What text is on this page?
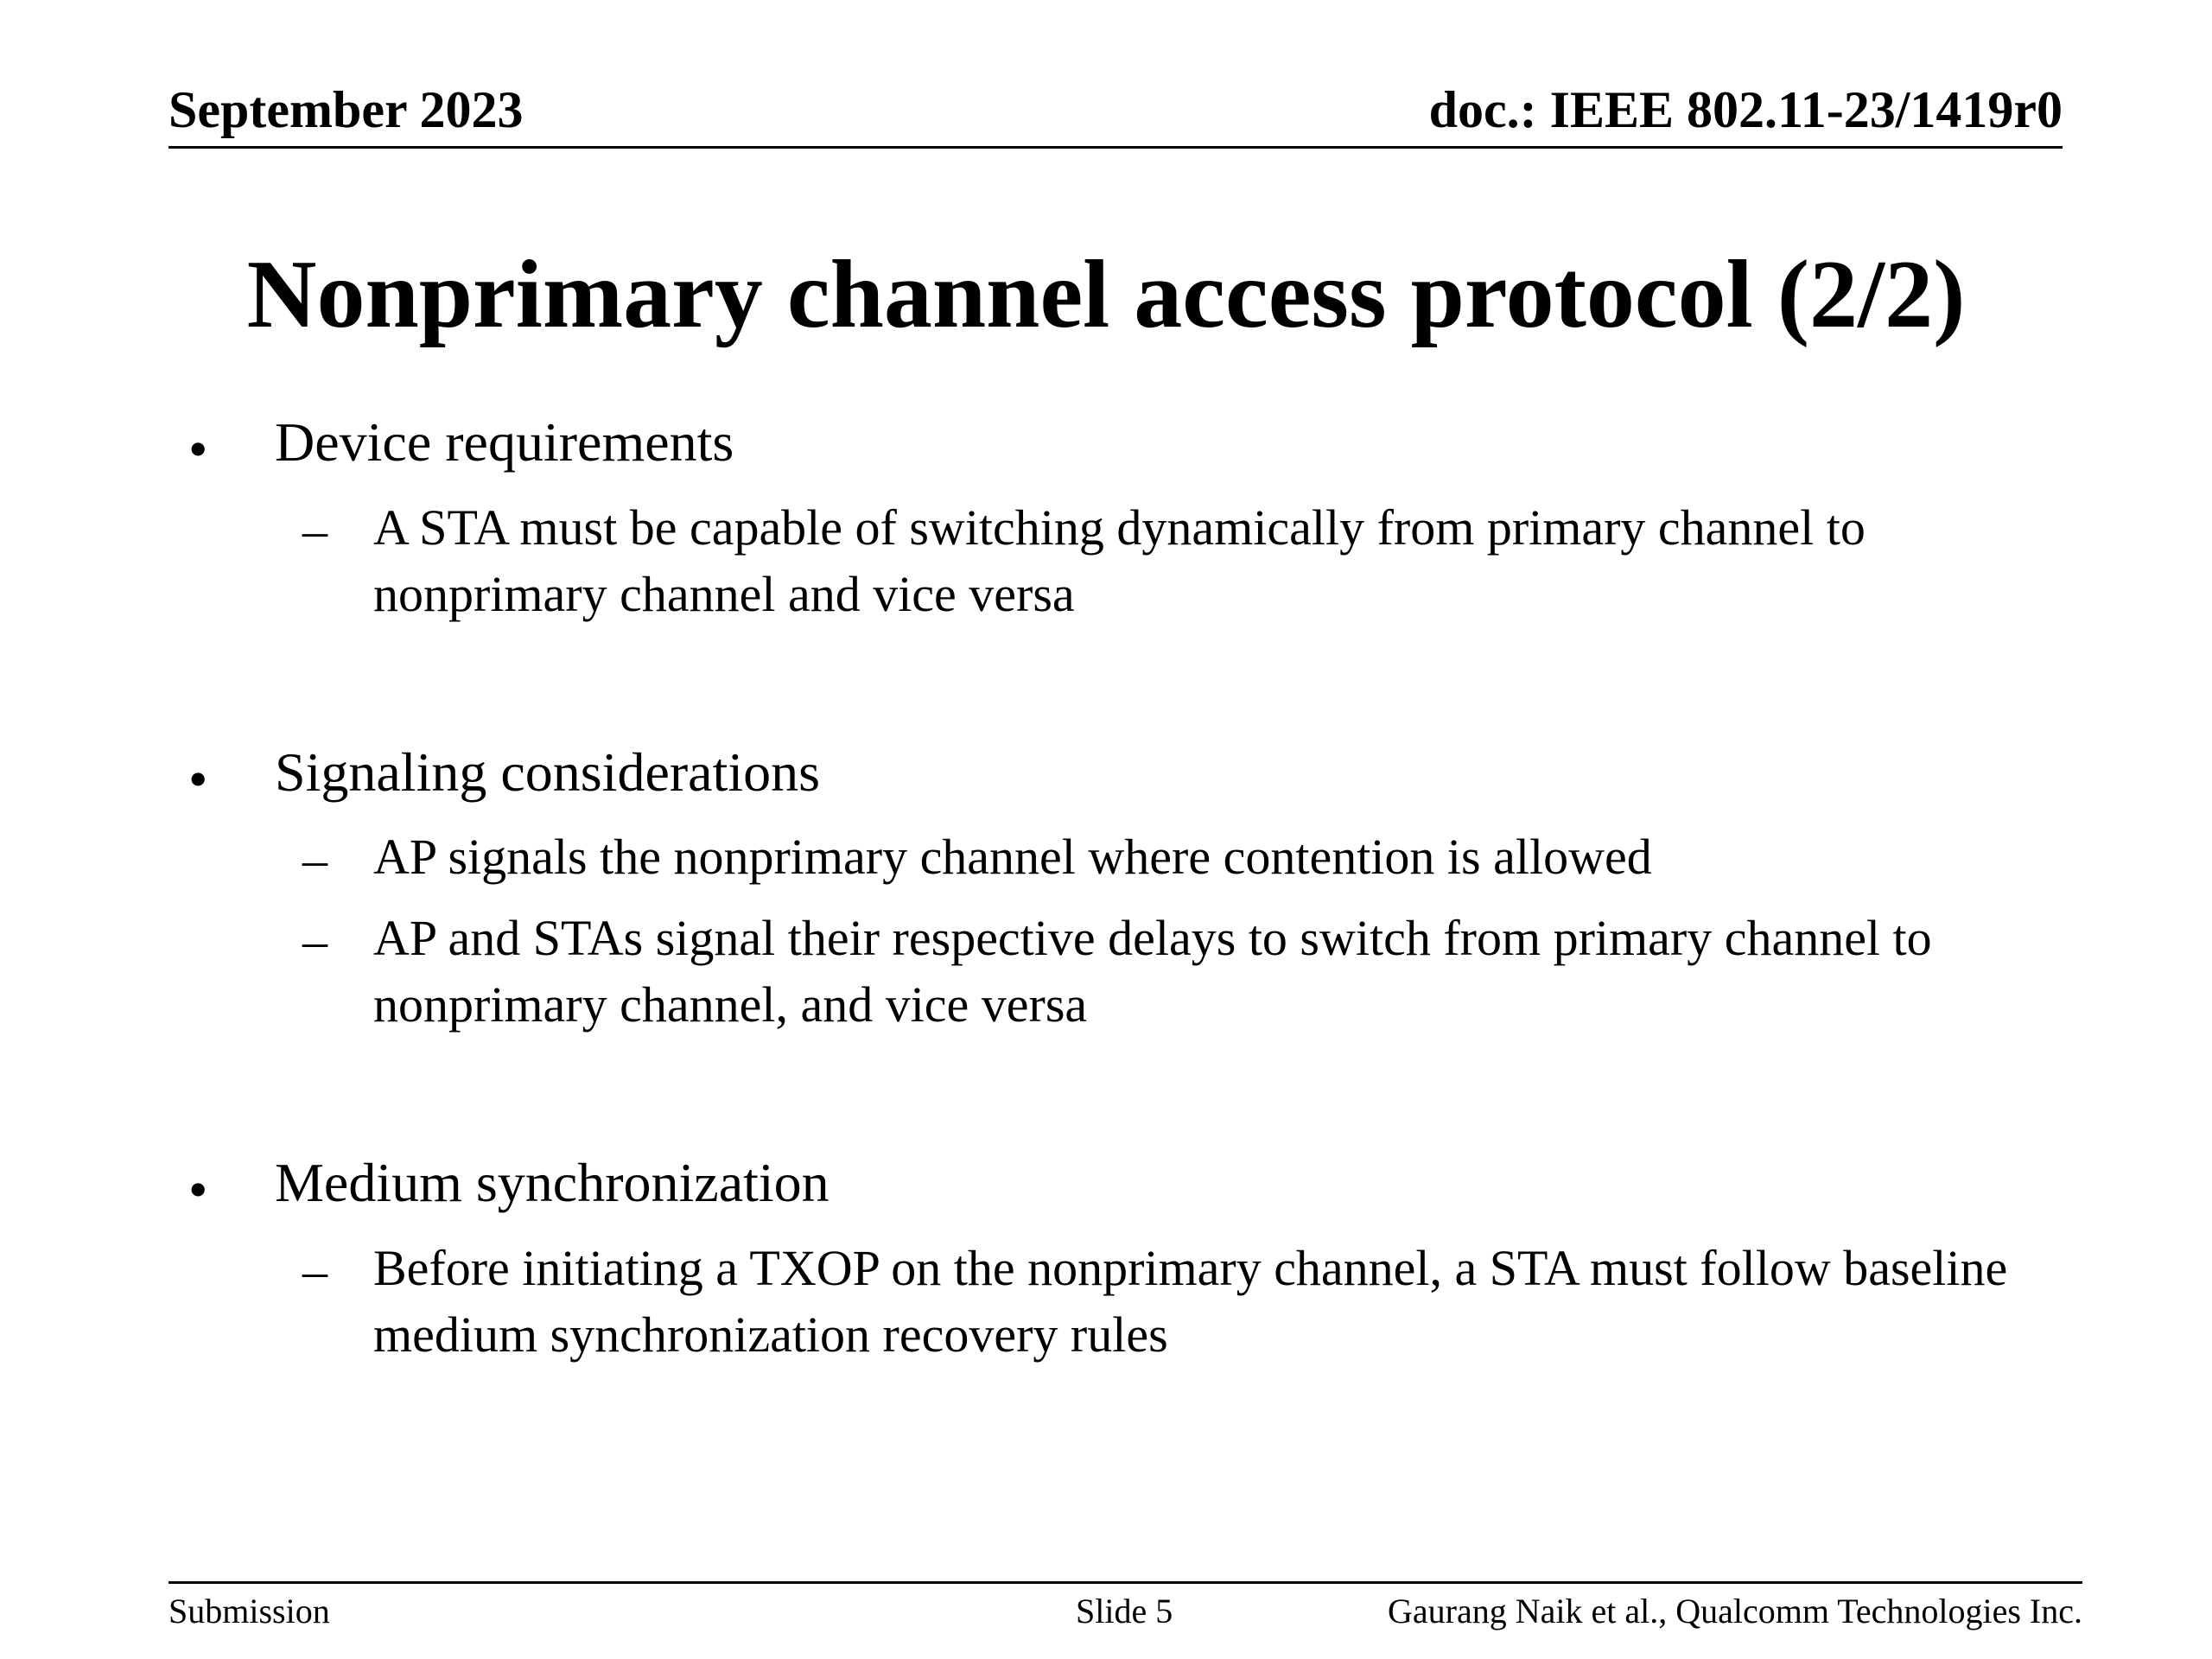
September 2023	doc.: IEEE 802.11-23/1419r0
Nonprimary channel access protocol (2/2)
• Device requirements
– A STA must be capable of switching dynamically from primary channel to nonprimary channel and vice versa
• Signaling considerations
– AP signals the nonprimary channel where contention is allowed
– AP and STAs signal their respective delays to switch from primary channel to nonprimary channel, and vice versa
• Medium synchronization
– Before initiating a TXOP on the nonprimary channel, a STA must follow baseline medium synchronization recovery rules
Submission	Slide 5	Gaurang Naik et al., Qualcomm Technologies Inc.
